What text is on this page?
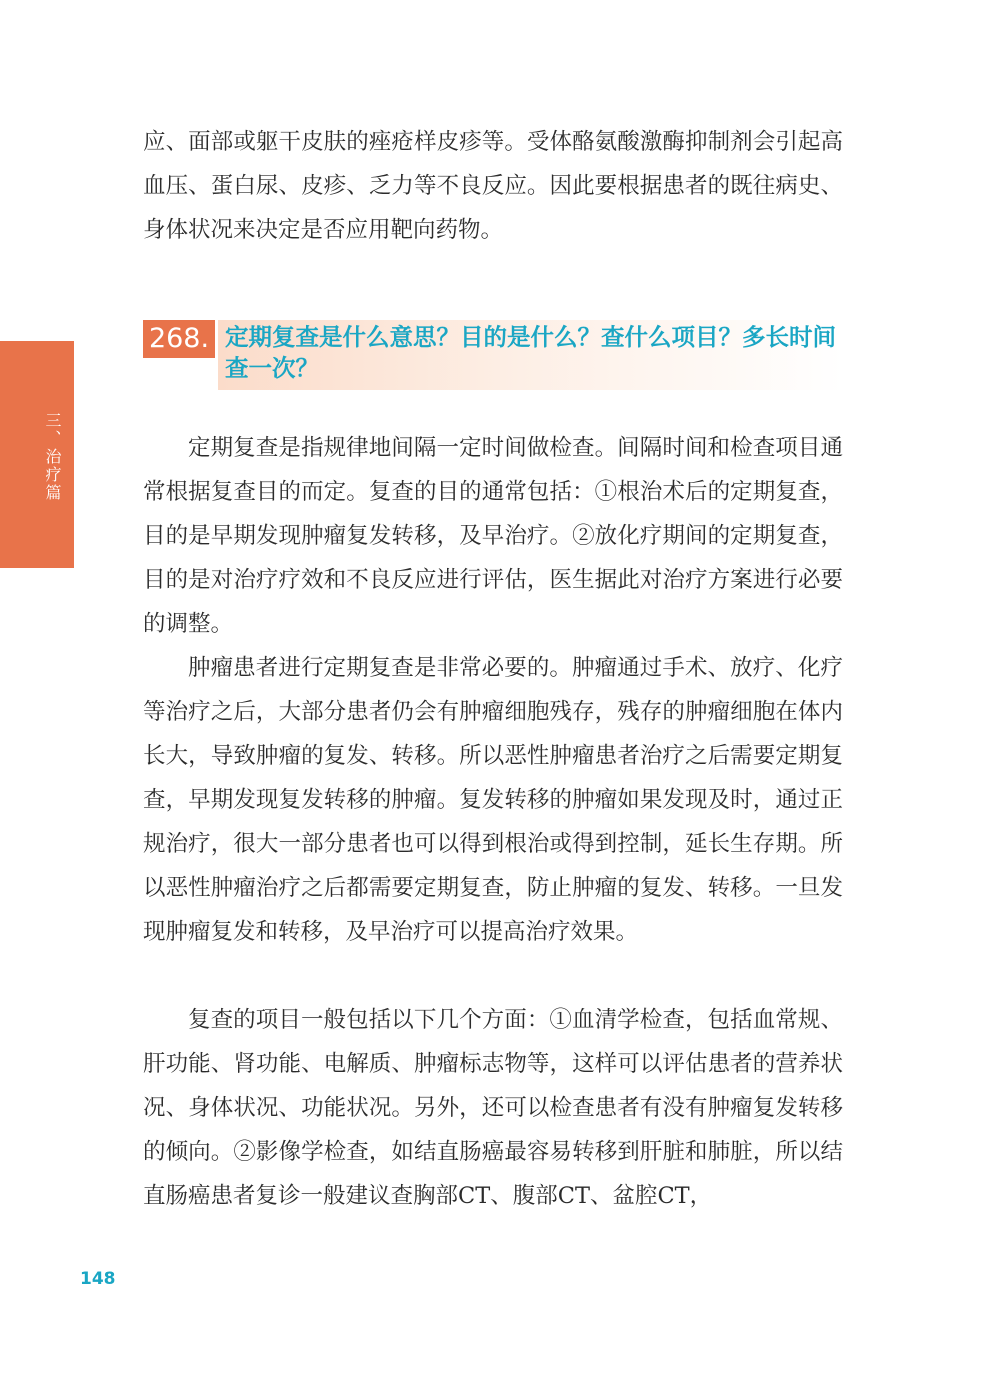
三、治疗篇

应、面部或躯干皮肤的痤疮样皮疹等。受体酪氨酸激酶抑制剂会引起高血压、蛋白尿、皮疹、乏力等不良反应。因此要根据患者的既往病史、身体状况来决定是否应用靶向药物。

268. 定期复查是什么意思？目的是什么？查什么项目？多长时间查一次？

定期复查是指规律地间隔一定时间做检查。间隔时间和检查项目通常根据复查目的而定。复查的目的通常包括：①根治术后的定期复查，目的是早期发现肿瘤复发转移，及早治疗。②放化疗期间的定期复查，目的是对治疗疗效和不良反应进行评估，医生据此对治疗方案进行必要的调整。

肿瘤患者进行定期复查是非常必要的。肿瘤通过手术、放疗、化疗等治疗之后，大部分患者仍会有肿瘤细胞残存，残存的肿瘤细胞在体内长大，导致肿瘤的复发、转移。所以恶性肿瘤患者治疗之后需要定期复查，早期发现复发转移的肿瘤。复发转移的肿瘤如果发现及时，通过正规治疗，很大一部分患者也可以得到根治或得到控制，延长生存期。所以恶性肿瘤治疗之后都需要定期复查，防止肿瘤的复发、转移。一旦发现肿瘤复发和转移，及早治疗可以提高治疗效果。

复查的项目一般包括以下几个方面：①血清学检查，包括血常规、肝功能、肾功能、电解质、肿瘤标志物等，这样可以评估患者的营养状况、身体状况、功能状况。另外，还可以检查患者有没有肿瘤复发转移的倾向。②影像学检查，如结直肠癌最容易转移到肝脏和肺脏，所以结直肠癌患者复诊一般建议查胸部CT、腹部CT、盆腔CT，

148
